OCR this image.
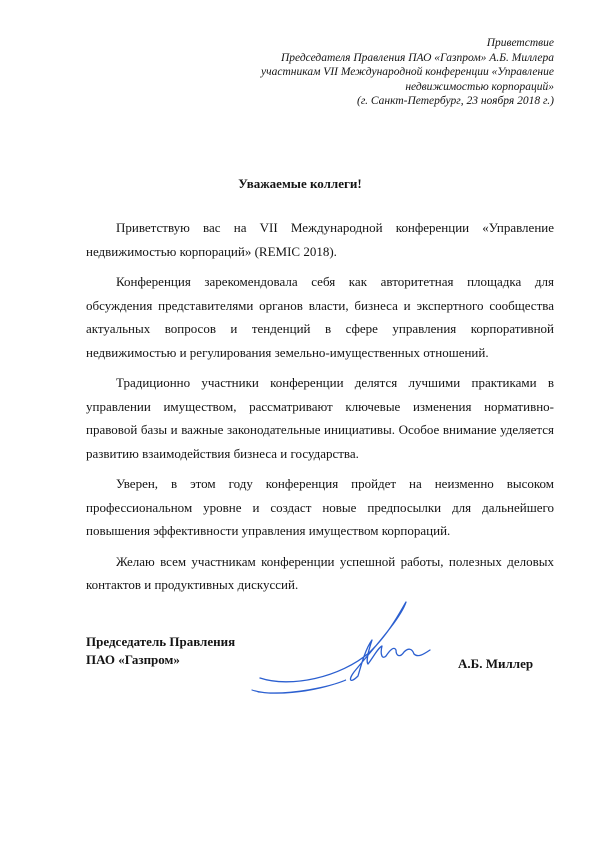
Приветствие
Председателя Правления ПАО «Газпром» А.Б. Миллера
участникам VII Международной конференции «Управление
недвижимостью корпораций»
(г. Санкт-Петербург, 23 ноября 2018 г.)
Уважаемые коллеги!

Приветствую вас на VII Международной конференции «Управление недвижимостью корпораций» (REMIC 2018).

Конференция зарекомендовала себя как авторитетная площадка для обсуждения представителями органов власти, бизнеса и экспертного сообщества актуальных вопросов и тенденций в сфере управления корпоративной недвижимостью и регулирования земельно-имущественных отношений.

Традиционно участники конференции делятся лучшими практиками в управлении имуществом, рассматривают ключевые изменения нормативно-правовой базы и важные законодательные инициативы. Особое внимание уделяется развитию взаимодействия бизнеса и государства.

Уверен, в этом году конференция пройдет на неизменно высоком профессиональном уровне и создаст новые предпосылки для дальнейшего повышения эффективности управления имуществом корпораций.

Желаю всем участникам конференции успешной работы, полезных деловых контактов и продуктивных дискуссий.

Председатель Правления
ПАО «Газпром»	А.Б. Миллер
